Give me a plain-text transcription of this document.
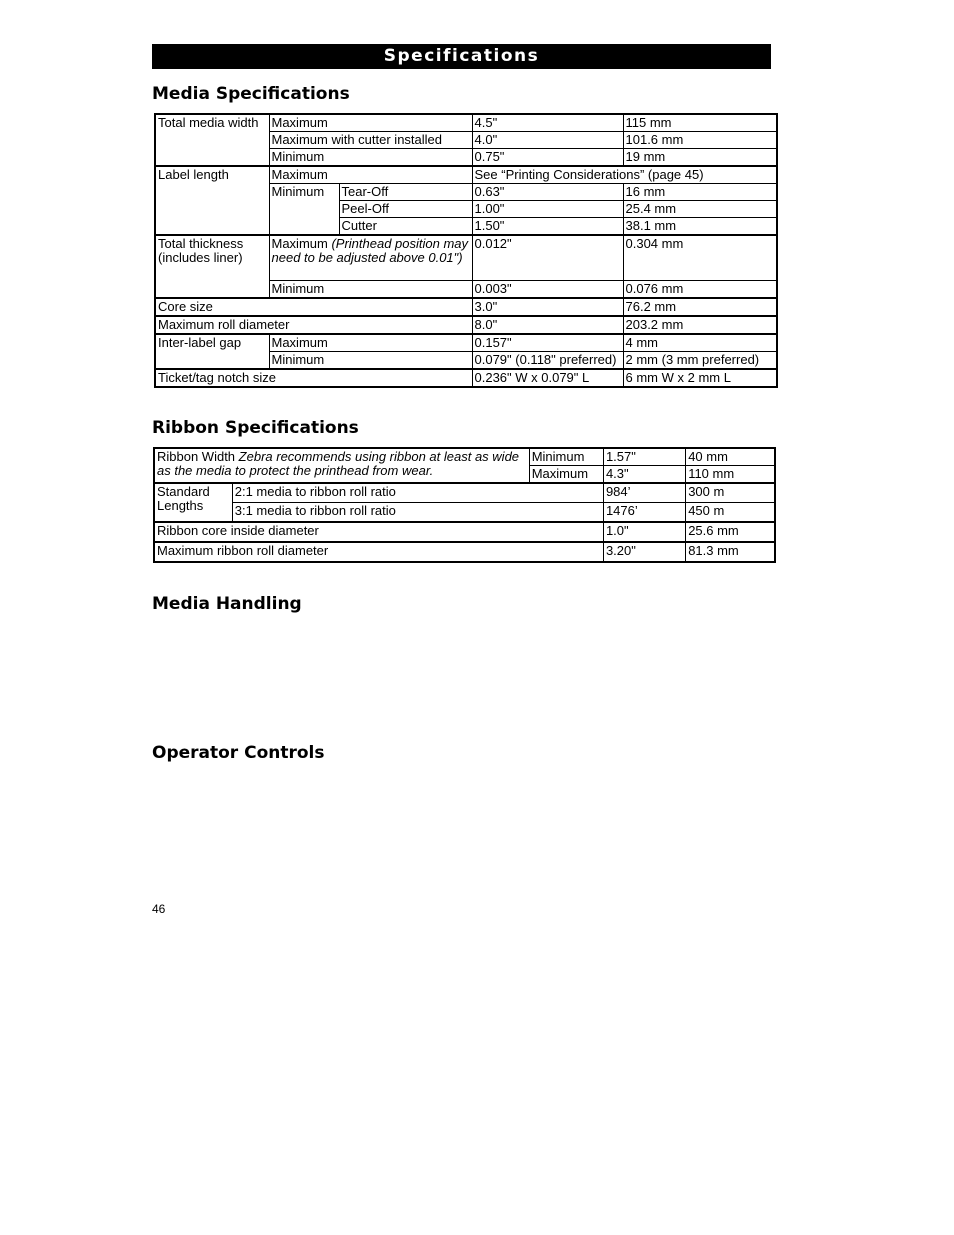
Specifications
Media Specifications
Total media width	Maximum		4.5"	115 mm
	Maximum with cutter installed		4.0"	101.6 mm
	Minimum		0.75"	19 mm
Label length	Maximum		See “Printing Considerations” (page 45)	
	Minimum	Tear-Off	0.63"	16 mm
		Peel-Off	1.00"	25.4 mm
		Cutter	1.50"	38.1 mm
Total thickness (includes liner)	Maximum (Printhead position may need to be adjusted above 0.01")		0.012"	0.304 mm
	Minimum		0.003"	0.076 mm
Core size			3.0"	76.2 mm
Maximum roll diameter			8.0"	203.2 mm
Inter-label gap	Maximum		0.157"	4 mm
	Minimum		0.079" (0.118" preferred)	2 mm (3 mm preferred)
Ticket/tag notch size			0.236" W x 0.079" L	6 mm W x 2 mm L
Ribbon Specifications
Ribbon Width Zebra recommends using ribbon at least as wide as the media to protect the printhead from wear.		Minimum	1.57"	40 mm
		Maximum	4.3"	110 mm
Standard Lengths	2:1 media to ribbon roll ratio		984’	300 m
	3:1 media to ribbon roll ratio		1476’	450 m
Ribbon core inside diameter			1.0"	25.6 mm
Maximum ribbon roll diameter			3.20"	81.3 mm
Media Handling
Operator Controls
46
